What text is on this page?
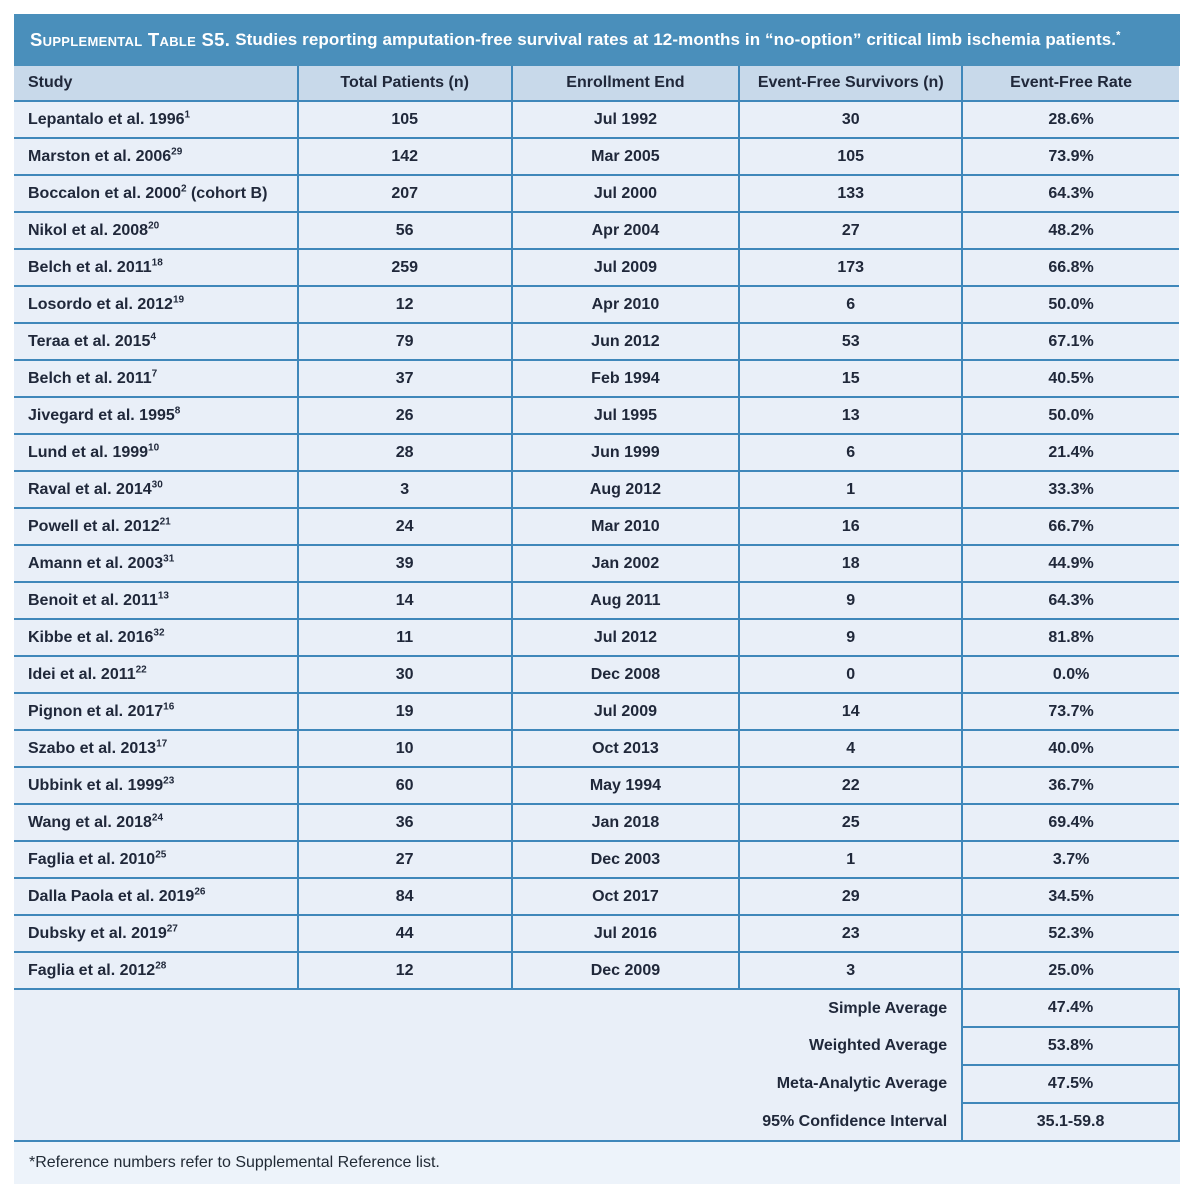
Supplemental Table S5. Studies reporting amputation-free survival rates at 12-months in “no-option” critical limb ischemia patients.*
Study	Total Patients (n)	Enrollment End	Event-Free Survivors (n)	Event-Free Rate
Lepantalo et al. 1996$^1$	105	Jul 1992	30	28.6%
Marston et al. 2006$^{29}$	142	Mar 2005	105	73.9%
Boccalon et al. 2000$^2$ (cohort B)	207	Jul 2000	133	64.3%
Nikol et al. 2008$^{20}$	56	Apr 2004	27	48.2%
Belch et al. 2011$^{18}$	259	Jul 2009	173	66.8%
Losordo et al. 2012$^{19}$	12	Apr 2010	6	50.0%
Teraa et al. 2015$^4$	79	Jun 2012	53	67.1%
Belch et al. 2011$^7$	37	Feb 1994	15	40.5%
Jivegard et al. 1995$^8$	26	Jul 1995	13	50.0%
Lund et al. 1999$^{10}$	28	Jun 1999	6	21.4%
Raval et al. 2014$^{30}$	3	Aug 2012	1	33.3%
Powell et al. 2012$^{21}$	24	Mar 2010	16	66.7%
Amann et al. 2003$^{31}$	39	Jan 2002	18	44.9%
Benoit et al. 2011$^{13}$	14	Aug 2011	9	64.3%
Kibbe et al. 2016$^{32}$	11	Jul 2012	9	81.8%
Idei et al. 2011$^{22}$	30	Dec 2008	0	0.0%
Pignon et al. 2017$^{16}$	19	Jul 2009	14	73.7%
Szabo et al. 2013$^{17}$	10	Oct 2013	4	40.0%
Ubbink et al. 1999$^{23}$	60	May 1994	22	36.7%
Wang et al. 2018$^{24}$	36	Jan 2018	25	69.4%
Faglia et al. 2010$^{25}$	27	Dec 2003	1	3.7%
Dalla Paola et al. 2019$^{26}$	84	Oct 2017	29	34.5%
Dubsky et al. 2019$^{27}$	44	Jul 2016	23	52.3%
Faglia et al. 2012$^{28}$	12	Dec 2009	3	25.0%
Simple Average				47.4%
Weighted Average				53.8%
Meta-Analytic Average				47.5%
95% Confidence Interval				35.1-59.8
*Reference numbers refer to Supplemental Reference list.
